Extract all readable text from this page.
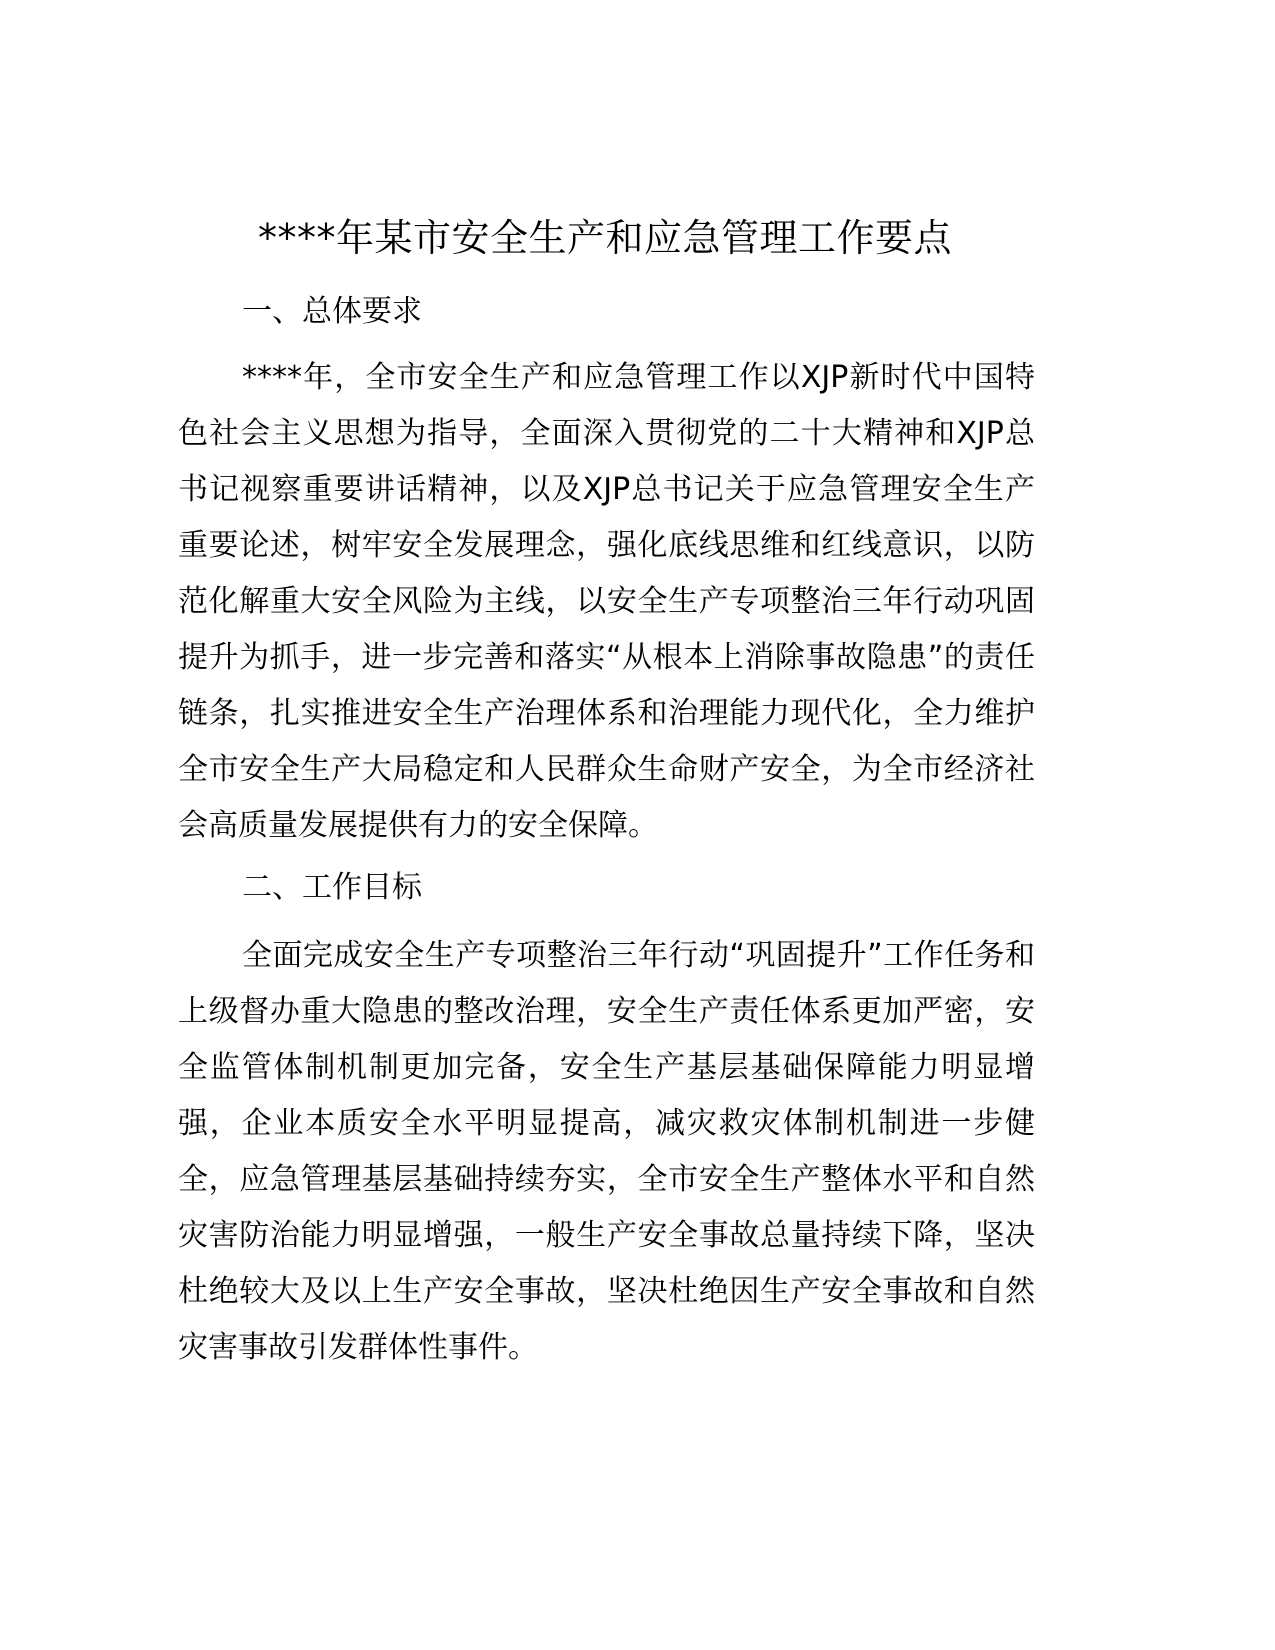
****年某市安全生产和应急管理工作要点
一、总体要求

****年，全市安全生产和应急管理工作以XJP新时代中国特色社会主义思想为指导，全面深入贯彻党的二十大精神和XJP总书记视察重要讲话精神，以及XJP总书记关于应急管理安全生产重要论述，树牢安全发展理念，强化底线思维和红线意识，以防范化解重大安全风险为主线，以安全生产专项整治三年行动巩固提升为抓手，进一步完善和落实“从根本上消除事故隐患”的责任链条，扎实推进安全生产治理体系和治理能力现代化，全力维护全市安全生产大局稳定和人民群众生命财产安全，为全市经济社会高质量发展提供有力的安全保障。

二、工作目标

全面完成安全生产专项整治三年行动“巩固提升”工作任务和上级督办重大隐患的整改治理，安全生产责任体系更加严密，安全监管体制机制更加完备，安全生产基层基础保障能力明显增强，企业本质安全水平明显提高，减灾救灾体制机制进一步健全，应急管理基层基础持续夯实，全市安全生产整体水平和自然灾害防治能力明显增强，一般生产安全事故总量持续下降，坚决杜绝较大及以上生产安全事故，坚决杜绝因生产安全事故和自然灾害事故引发群体性事件。
